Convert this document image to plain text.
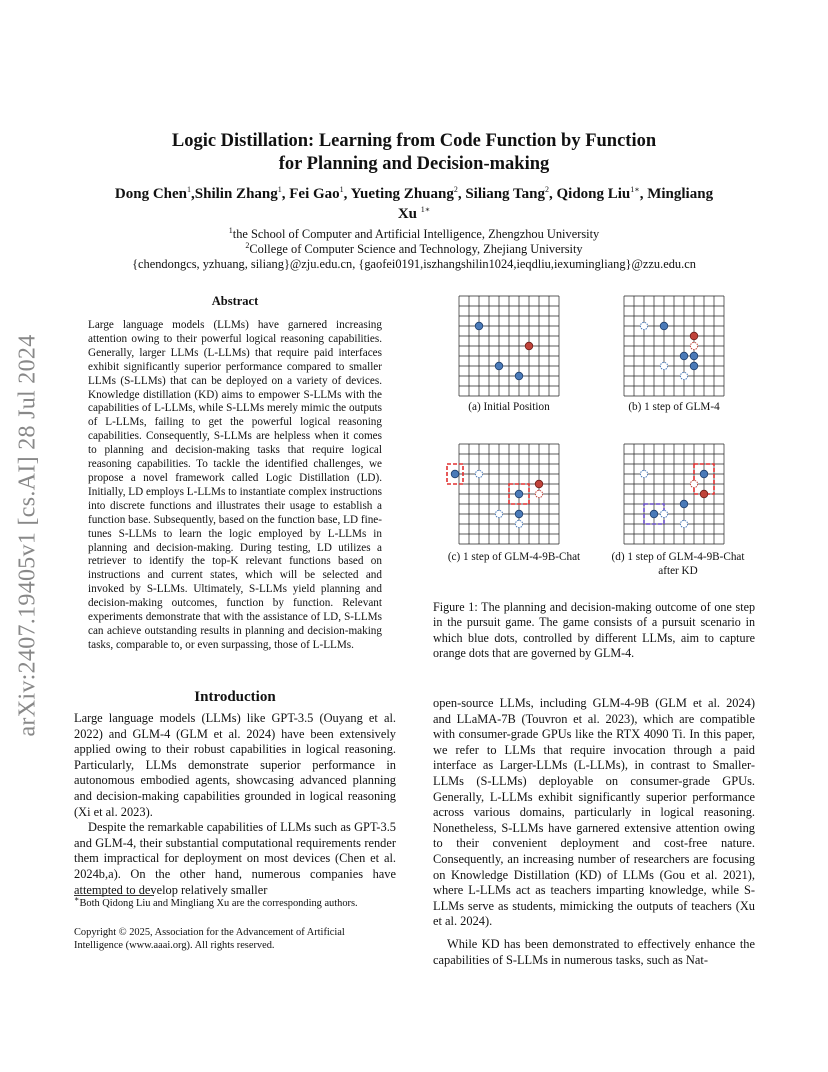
arXiv:2407.19405v1 [cs.AI] 28 Jul 2024
Logic Distillation: Learning from Code Function by Function
for Planning and Decision-making
Dong Chen$^1$,Shilin Zhang$^1$, Fei Gao$^1$, Yueting Zhuang$^2$, Siliang Tang$^2$, Qidong Liu$^{1∗}$, Mingliang
Xu $^{1∗}$
$^1$the School of Computer and Artificial Intelligence, Zhengzhou University
$^2$College of Computer Science and Technology, Zhejiang University
{chendongcs, yzhuang, siliang}@zju.edu.cn, {gaofei0191,iszhangshilin1024,ieqdliu,iexumingliang}@zzu.edu.cn
Abstract
Large language models (LLMs) have garnered increasing attention owing to their powerful logical reasoning capabilities. Generally, larger LLMs (L-LLMs) that require paid interfaces exhibit significantly superior performance compared to smaller LLMs (S-LLMs) that can be deployed on a variety of devices. Knowledge distillation (KD) aims to empower S-LLMs with the capabilities of L-LLMs, while S-LLMs merely mimic the outputs of L-LLMs, failing to get the powerful logical reasoning capabilities. Consequently, S-LLMs are helpless when it comes to planning and decision-making tasks that require logical reasoning capabilities. To tackle the identified challenges, we propose a novel framework called Logic Distillation (LD). Initially, LD employs L-LLMs to instantiate complex instructions into discrete functions and illustrates their usage to establish a function base. Subsequently, based on the function base, LD fine-tunes S-LLMs to learn the logic employed by L-LLMs in planning and decision-making. During testing, LD utilizes a retriever to identify the top-K relevant functions based on instructions and current states, which will be selected and invoked by S-LLMs. Ultimately, S-LLMs yield planning and decision-making outcomes, function by function. Relevant experiments demonstrate that with the assistance of LD, S-LLMs can achieve outstanding results in planning and decision-making tasks, comparable to, or even surpassing, those of L-LLMs.
(a) Initial Position	(b) 1 step of GLM-4
(c) 1 step of GLM-4-9B-Chat	(d) 1 step of GLM-4-9B-Chat
after KD
Figure 1: The planning and decision-making outcome of one step in the pursuit game. The game consists of a pursuit scenario in which blue dots, controlled by different LLMs, aim to capture orange dots that are governed by GLM-4.
Introduction

Large language models (LLMs) like GPT-3.5 (Ouyang et al. 2022) and GLM-4 (GLM et al. 2024) have been extensively applied owing to their robust capabilities in logical reasoning. Particularly, LLMs demonstrate superior performance in autonomous embodied agents, showcasing advanced planning and decision-making capabilities grounded in logical reasoning (Xi et al. 2023).

Despite the remarkable capabilities of LLMs such as GPT-3.5 and GLM-4, their substantial computational requirements render them impractical for deployment on most devices (Chen et al. 2024b,a). On the other hand, numerous companies have attempted to develop relatively smaller

open-source LLMs, including GLM-4-9B (GLM et al. 2024) and LLaMA-7B (Touvron et al. 2023), which are compatible with consumer-grade GPUs like the RTX 4090 Ti. In this paper, we refer to LLMs that require invocation through a paid interface as Larger-LLMs (L-LLMs), in contrast to Smaller-LLMs (S-LLMs) deployable on consumer-grade GPUs. Generally, L-LLMs exhibit significantly superior performance across various domains, particularly in logical reasoning. Nonetheless, S-LLMs have garnered extensive attention owing to their convenient deployment and cost-free nature. Consequently, an increasing number of researchers are focusing on Knowledge Distillation (KD) of LLMs (Gou et al. 2021), where L-LLMs act as teachers imparting knowledge, while S-LLMs serve as students, mimicking the outputs of teachers (Xu et al. 2024).

While KD has been demonstrated to effectively enhance the capabilities of S-LLMs in numerous tasks, such as Nat-

∗Both Qidong Liu and Mingliang Xu are the corresponding authors.
Copyright © 2025, Association for the Advancement of Artificial Intelligence (www.aaai.org). All rights reserved.
